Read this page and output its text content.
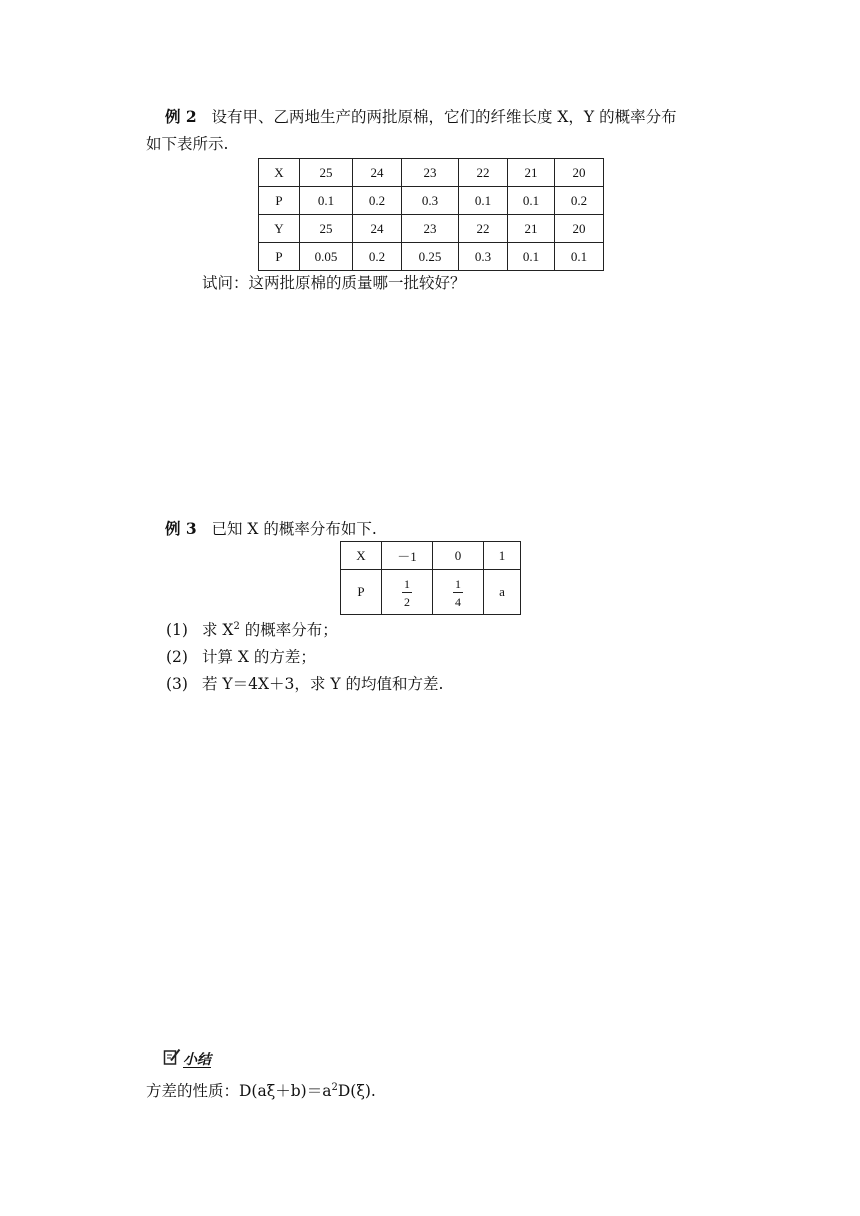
例 2 设有甲、乙两地生产的两批原棉，它们的纤维长度 X，Y 的概率分布
如下表所示.
X	25	24	23	22	21	20
P	0.1	0.2	0.3	0.1	0.1	0.2
Y	25	24	23	22	21	20
P	0.05	0.2	0.25	0.3	0.1	0.1
试问：这两批原棉的质量哪一批较好？
例 3 已知 X 的概率分布如下.
X	－1	0	1
P	$\frac{1}{2}$	$\frac{1}{4}$	a
(1) 求 $X^2$ 的概率分布；
(2) 计算 X 的方差；
(3) 若 Y＝4X＋3，求 Y 的均值和方差.
小结
方差的性质：$D(a\xi+b)=a^2D(\xi)$.
